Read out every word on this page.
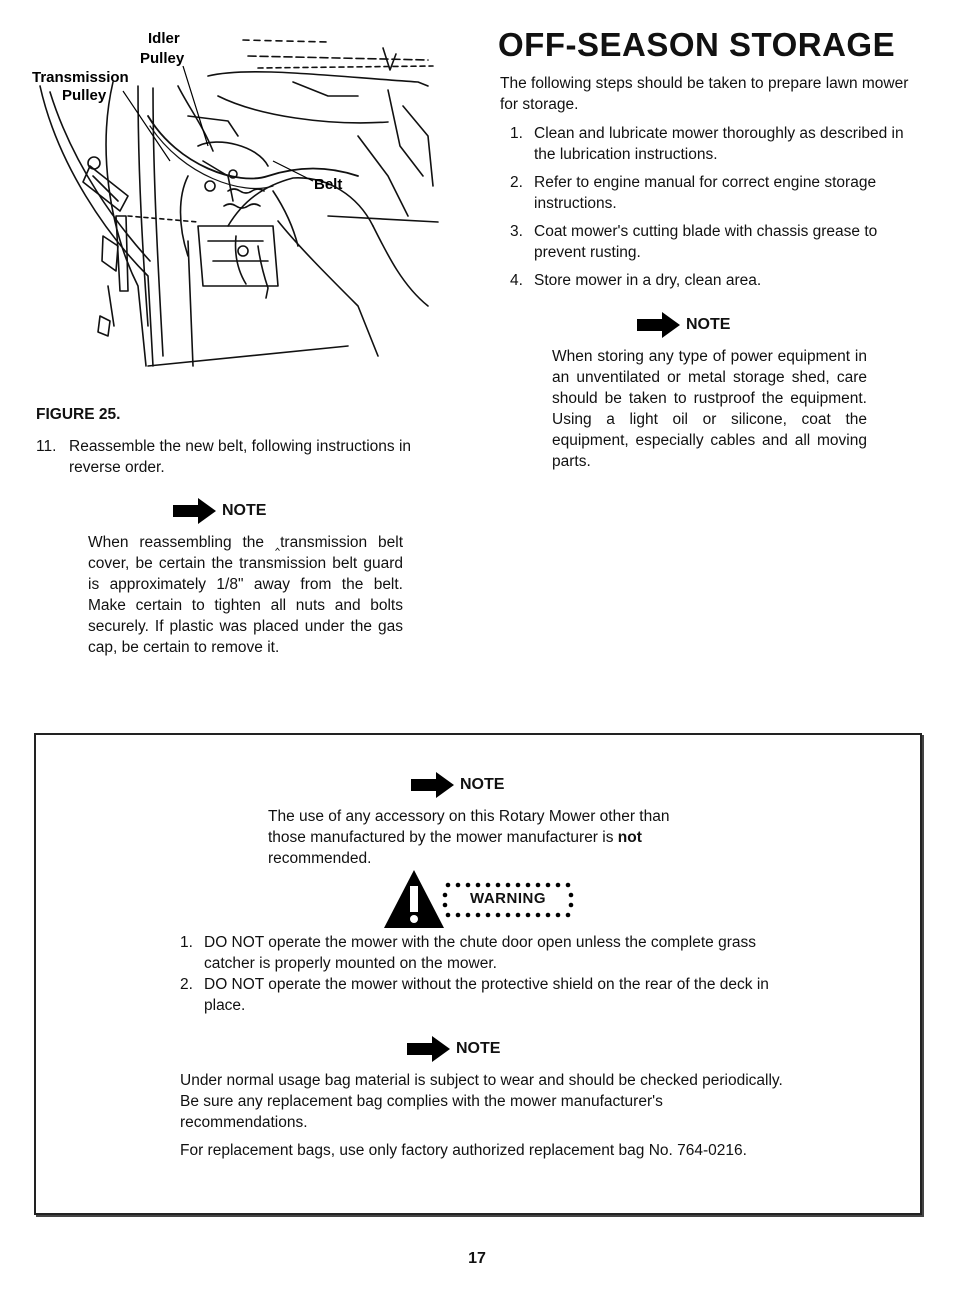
Idler
Pulley
Transmission
Pulley
Belt
FIGURE 25.
11. Reassemble the new belt, following instructions in reverse order.
NOTE
When reassembling the ‸transmission belt cover, be certain the transmission belt guard is approximately 1/8" away from the belt. Make certain to tighten all nuts and bolts securely. If plastic was placed under the gas cap, be certain to remove it.
OFF-SEASON STORAGE
The following steps should be taken to prepare lawn mower for storage.
1. Clean and lubricate mower thoroughly as described in the lubrication instructions.
2. Refer to engine manual for correct engine storage instructions.
3. Coat mower's cutting blade with chassis grease to prevent rusting.
4. Store mower in a dry, clean area.
NOTE
When storing any type of power equipment in an unventilated or metal storage shed, care should be taken to rustproof the equipment. Using a light oil or silicone, coat the equipment, especially cables and all moving parts.
NOTE
The use of any accessory on this Rotary Mower other than those manufactured by the mower manufacturer is not recommended.
WARNING
1. DO NOT operate the mower with the chute door open unless the complete grass catcher is properly mounted on the mower.
2. DO NOT operate the mower without the protective shield on the rear of the deck in place.
NOTE
Under normal usage bag material is subject to wear and should be checked periodically. Be sure any replacement bag complies with the mower manufacturer's recommendations.
For replacement bags, use only factory authorized replacement bag No. 764-0216.
17
